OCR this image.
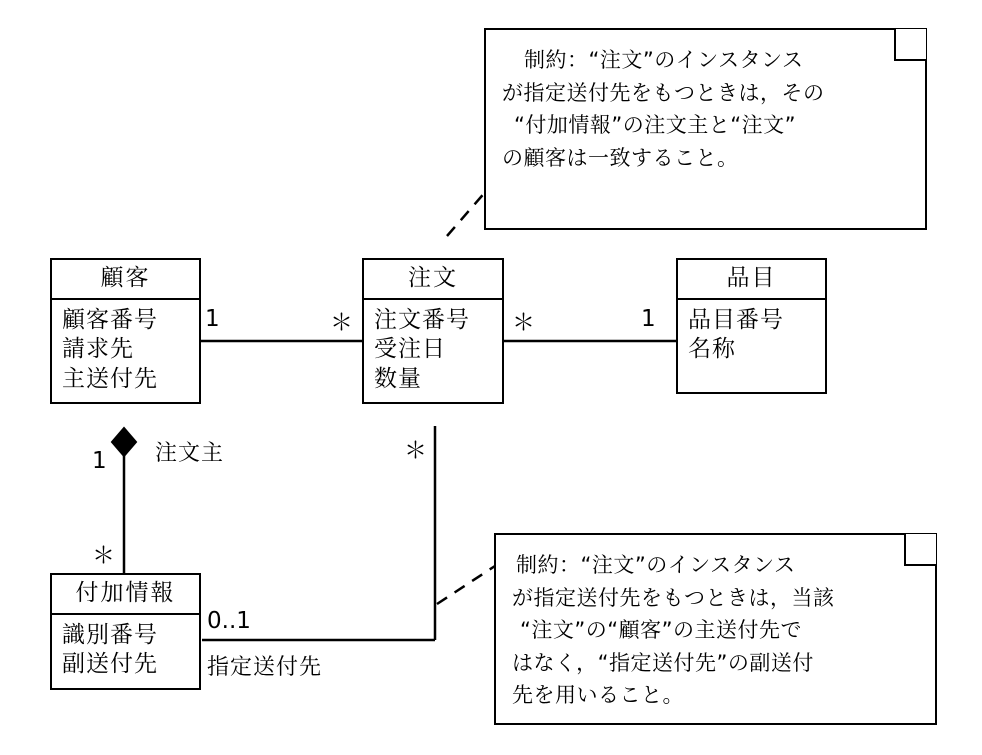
顧客
顧客番号
請求先
主送付先
注文
注文番号
受注日
数量
品目
品目番号
名称
付加情報
識別番号
副送付先
1	＊	＊	1
1
＊
＊
0..1
注文主
指定送付先
制約：“注文”のインスタンス
が指定送付先をもつときは，その
“付加情報”の注文主と“注文”
の顧客は一致すること。
制約：“注文”のインスタンス
が指定送付先をもつときは，当該
“注文”の“顧客”の主送付先で
はなく，“指定送付先”の副送付
先を用いること。
